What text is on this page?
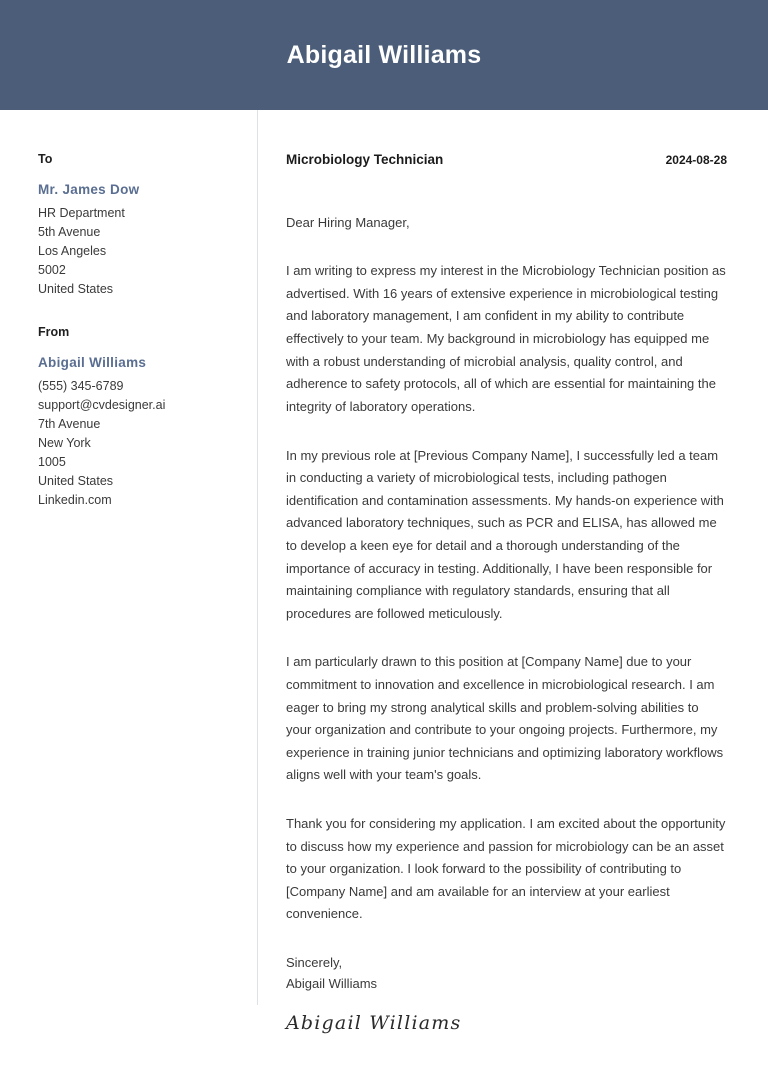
Abigail Williams
To
Mr. James Dow
HR Department
5th Avenue
Los Angeles
5002
United States
From
Abigail Williams
(555) 345-6789
support@cvdesigner.ai
7th Avenue
New York
1005
United States
Linkedin.com
Microbiology Technician	2024-08-28

Dear Hiring Manager,

I am writing to express my interest in the Microbiology Technician position as advertised. With 16 years of extensive experience in microbiological testing and laboratory management, I am confident in my ability to contribute effectively to your team. My background in microbiology has equipped me with a robust understanding of microbial analysis, quality control, and adherence to safety protocols, all of which are essential for maintaining the integrity of laboratory operations.

In my previous role at [Previous Company Name], I successfully led a team in conducting a variety of microbiological tests, including pathogen identification and contamination assessments. My hands-on experience with advanced laboratory techniques, such as PCR and ELISA, has allowed me to develop a keen eye for detail and a thorough understanding of the importance of accuracy in testing. Additionally, I have been responsible for maintaining compliance with regulatory standards, ensuring that all procedures are followed meticulously.

I am particularly drawn to this position at [Company Name] due to your commitment to innovation and excellence in microbiological research. I am eager to bring my strong analytical skills and problem-solving abilities to your organization and contribute to your ongoing projects. Furthermore, my experience in training junior technicians and optimizing laboratory workflows aligns well with your team's goals.

Thank you for considering my application. I am excited about the opportunity to discuss how my experience and passion for microbiology can be an asset to your organization. I look forward to the possibility of contributing to [Company Name] and am available for an interview at your earliest convenience.

Sincerely,
Abigail Williams
Abigail Williams
